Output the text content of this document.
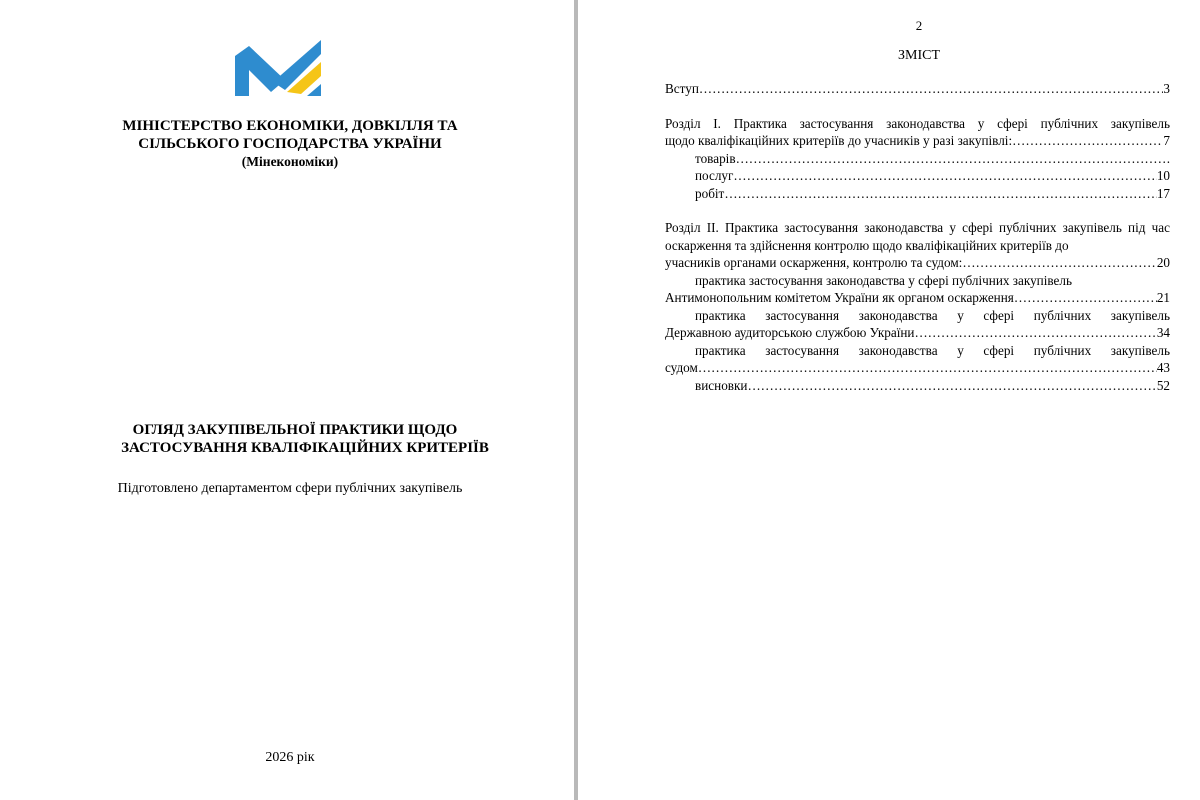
МІНІСТЕРСТВО ЕКОНОМІКИ, ДОВКІЛЛЯ ТА
СІЛЬСЬКОГО ГОСПОДАРСТВА УКРАЇНИ
(Мінекономіки)
ОГЛЯД ЗАКУПІВЕЛЬНОЇ ПРАКТИКИ ЩОДО
ЗАСТОСУВАННЯ КВАЛІФІКАЦІЙНИХ КРИТЕРІЇВ
Підготовлено департаментом сфери публічних закупівель
2026 рік
2
ЗМІСТ
Вступ ……………………………………………………………………………………………………………………………………………………	3
Розділ І. Практика застосування законодавства у сфері публічних закупівель
щодо кваліфікаційних критеріїв до учасників у разі закупівлі: ……………………………………………………………………………………………………………………………………………………	7
товарів ……………………………………………………………………………………………………………………………………………………	.
послуг ……………………………………………………………………………………………………………………………………………………	10
робіт ……………………………………………………………………………………………………………………………………………………	17
Розділ ІІ. Практика застосування законодавства у сфері публічних закупівель під час оскарження та здійснення контролю щодо кваліфікаційних критеріїв до
учасників органами оскарження, контролю та судом: ……………………………………………………………………………………………………………………………………………………	20
практика застосування законодавства у сфері публічних закупівель
Антимонопольним комітетом України як органом оскарження ……………………………………………………………………………………………………………………………………………………	21
практика застосування законодавства у сфері публічних закупівель
Державною аудиторською службою України ……………………………………………………………………………………………………………………………………………………	34
практика застосування законодавства у сфері публічних закупівель
судом ……………………………………………………………………………………………………………………………………………………	43
висновки ……………………………………………………………………………………………………………………………………………………	52
